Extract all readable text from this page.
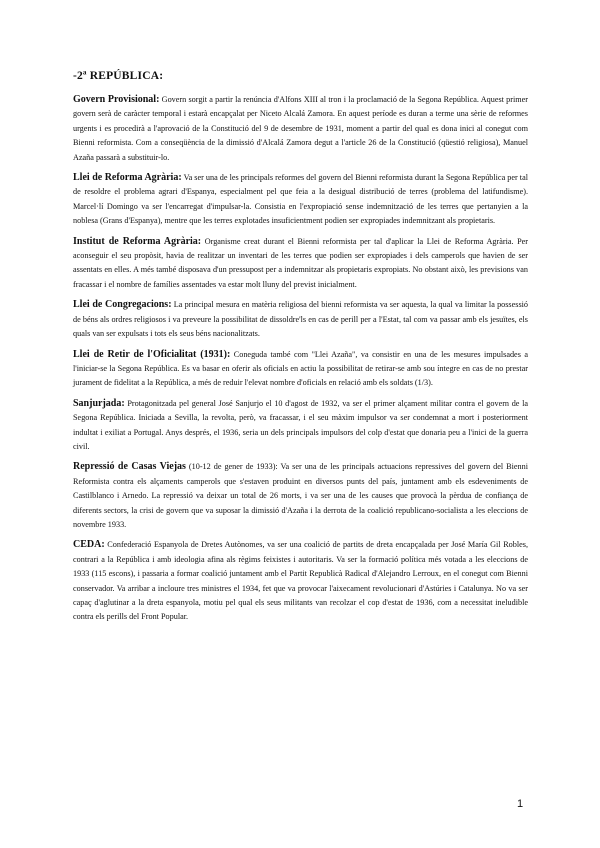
-2ª REPÚBLICA:

Govern Provisional: Govern sorgit a partir la renúncia d'Alfons XIII al tron i la proclamació de la Segona República. Aquest primer govern serà de caràcter temporal i estarà encapçalat per Niceto Alcalá Zamora. En aquest període es duran a terme una sèrie de reformes urgents i es procedirà a l'aprovació de la Constitució del 9 de desembre de 1931, moment a partir del qual es dona inici al conegut com Bienni reformista. Com a conseqüència de la dimissió d'Alcalá Zamora degut a l'article 26 de la Constitució (qüestió religiosa), Manuel Azaña passarà a substituir-lo.

Llei de Reforma Agrària: Va ser una de les principals reformes del govern del Bienni reformista durant la Segona República per tal de resoldre el problema agrari d'Espanya, especialment pel que feia a la desigual distribució de terres (problema del latifundisme). Marcel·lí Domingo va ser l'encarregat d'impulsar-la. Consistia en l'expropiació sense indemnització de les terres que pertanyien a la noblesa (Grans d'Espanya), mentre que les terres explotades insuficientment podien ser expropiades indemnitzant als propietaris.

Institut de Reforma Agrària: Organisme creat durant el Bienni reformista per tal d'aplicar la Llei de Reforma Agrària. Per aconseguir el seu propòsit, havia de realitzar un inventari de les terres que podien ser expropiades i dels camperols que havien de ser assentats en elles. A més també disposava d'un pressupost per a indemnitzar als propietaris expropiats. No obstant això, les previsions van fracassar i el nombre de famílies assentades va estar molt lluny del previst inicialment.

Llei de Congregacions: La principal mesura en matèria religiosa del bienni reformista va ser aquesta, la qual va limitar la possessió de béns als ordres religiosos i va preveure la possibilitat de dissoldre'ls en cas de perill per a l'Estat, tal com va passar amb els jesuïtes, els quals van ser expulsats i tots els seus béns nacionalitzats.

Llei de Retir de l'Oficialitat (1931): Coneguda també com "Llei Azaña", va consistir en una de les mesures impulsades a l'iniciar-se la Segona República. Es va basar en oferir als oficials en actiu la possibilitat de retirar-se amb sou íntegre en cas de no prestar jurament de fidelitat a la República, a més de reduir l'elevat nombre d'oficials en relació amb els soldats (1/3).

Sanjurjada: Protagonitzada pel general José Sanjurjo el 10 d'agost de 1932, va ser el primer alçament militar contra el govern de la Segona República. Iniciada a Sevilla, la revolta, però, va fracassar, i el seu màxim impulsor va ser condemnat a mort i posteriorment indultat i exiliat a Portugal. Anys després, el 1936, seria un dels principals impulsors del colp d'estat que donaria peu a l'inici de la guerra civil.

Repressió de Casas Viejas (10-12 de gener de 1933): Va ser una de les principals actuacions repressives del govern del Bienni Reformista contra els alçaments camperols que s'estaven produint en diversos punts del país, juntament amb els esdeveniments de Castilblanco i Arnedo. La repressió va deixar un total de 26 morts, i va ser una de les causes que provocà la pèrdua de confiança de diferents sectors, la crisi de govern que va suposar la dimissió d'Azaña i la derrota de la coalició republicano-socialista a les eleccions de novembre 1933.

CEDA: Confederació Espanyola de Dretes Autònomes, va ser una coalició de partits de dreta encapçalada per José María Gil Robles, contrari a la República i amb ideologia afina als règims feixistes i autoritaris. Va ser la formació política més votada a les eleccions de 1933 (115 escons), i passaria a formar coalició juntament amb el Partit Republicà Radical d'Alejandro Lerroux, en el conegut com Bienni conservador. Va arribar a incloure tres ministres el 1934, fet que va provocar l'aixecament revolucionari d'Astúries i Catalunya. No va ser capaç d'aglutinar a la dreta espanyola, motiu pel qual els seus militants van recolzar el cop d'estat de 1936, com a necessitat ineludible contra els perills del Front Popular.

1
